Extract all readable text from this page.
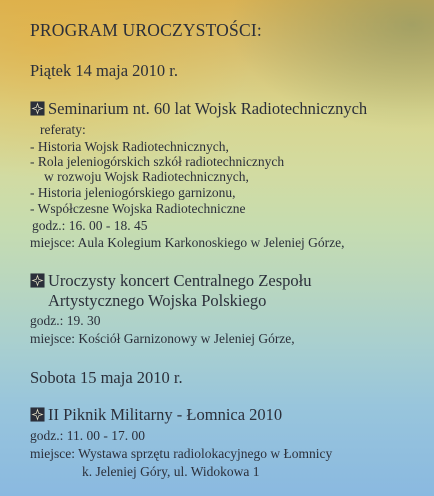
PROGRAM UROCZYSTOŚCI:
Piątek 14 maja 2010 r.
Seminarium nt. 60 lat Wojsk Radiotechnicznych
referaty:
- Historia Wojsk Radiotechnicznych,
- Rola jeleniogórskich szkół radiotechnicznych
w rozwoju Wojsk Radiotechnicznych,
- Historia jeleniogórskiego garnizonu,
- Współczesne Wojska Radiotechniczne
godz.: 16. 00 - 18. 45
miejsce: Aula Kolegium Karkonoskiego w Jeleniej Górze,
Uroczysty koncert Centralnego Zespołu
Artystycznego Wojska Polskiego
godz.: 19. 30
miejsce: Kościół Garnizonowy w Jeleniej Górze,
Sobota 15 maja 2010 r.
II Piknik Militarny - Łomnica 2010
godz.: 11. 00 - 17. 00
miejsce: Wystawa sprzętu radiolokacyjnego w Łomnicy
k. Jeleniej Góry, ul. Widokowa 1
